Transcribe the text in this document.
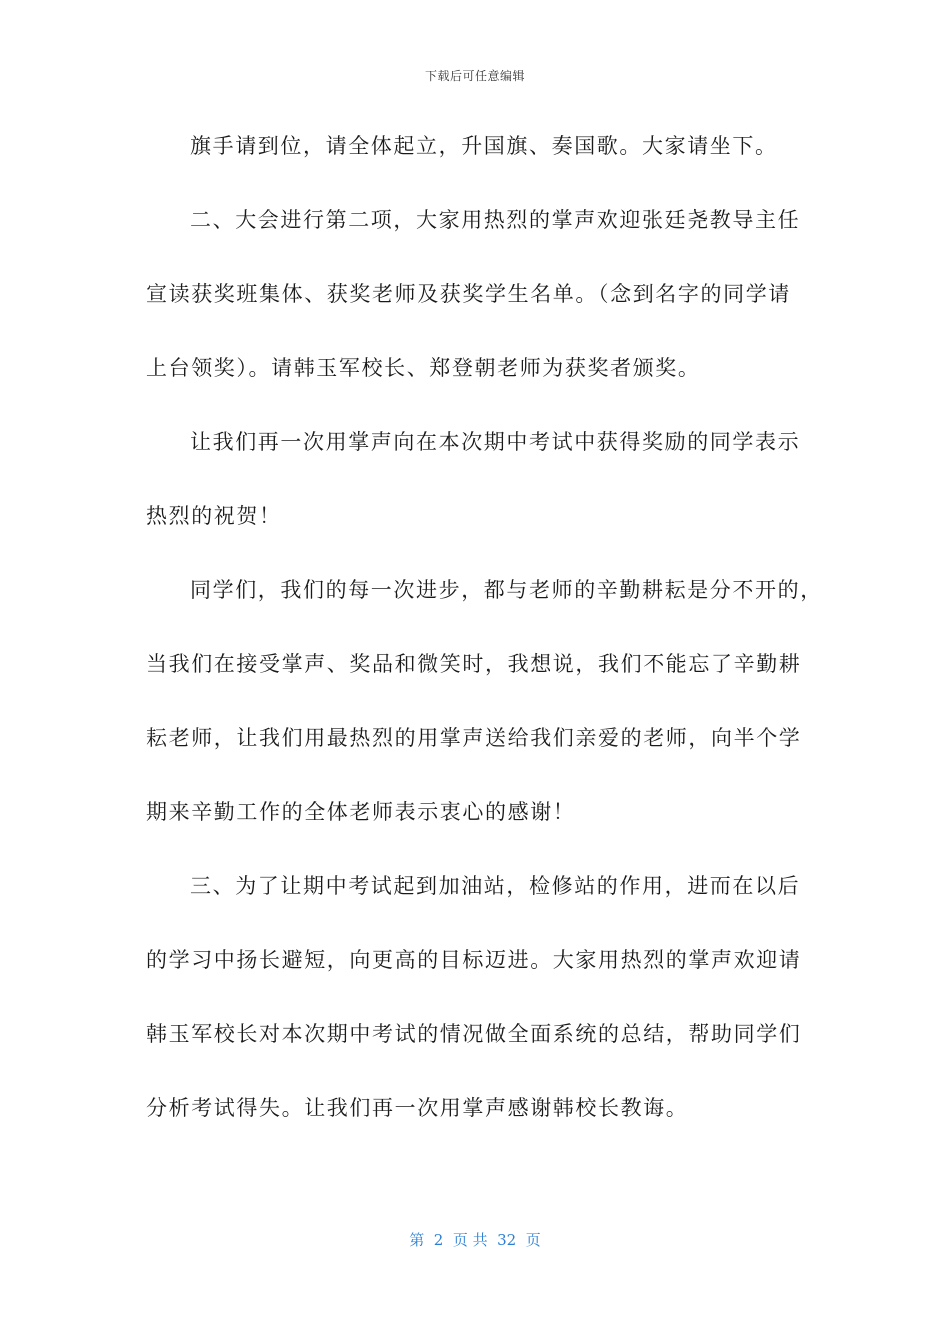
下载后可任意编辑
旗手请到位，请全体起立，升国旗、奏国歌。大家请坐下。
二、大会进行第二项，大家用热烈的掌声欢迎张廷尧教导主任
宣读获奖班集体、获奖老师及获奖学生名单。（念到名字的同学请
上台领奖）。请韩玉军校长、郑登朝老师为获奖者颁奖。
让我们再一次用掌声向在本次期中考试中获得奖励的同学表示
热烈的祝贺！
同学们，我们的每一次进步，都与老师的辛勤耕耘是分不开的，
当我们在接受掌声、奖品和微笑时，我想说，我们不能忘了辛勤耕
耘老师，让我们用最热烈的用掌声送给我们亲爱的老师，向半个学
期来辛勤工作的全体老师表示衷心的感谢！
三、为了让期中考试起到加油站，检修站的作用，进而在以后
的学习中扬长避短，向更高的目标迈进。大家用热烈的掌声欢迎请
韩玉军校长对本次期中考试的情况做全面系统的总结，帮助同学们
分析考试得失。让我们再一次用掌声感谢韩校长教诲。
第  2  页 共  32  页
